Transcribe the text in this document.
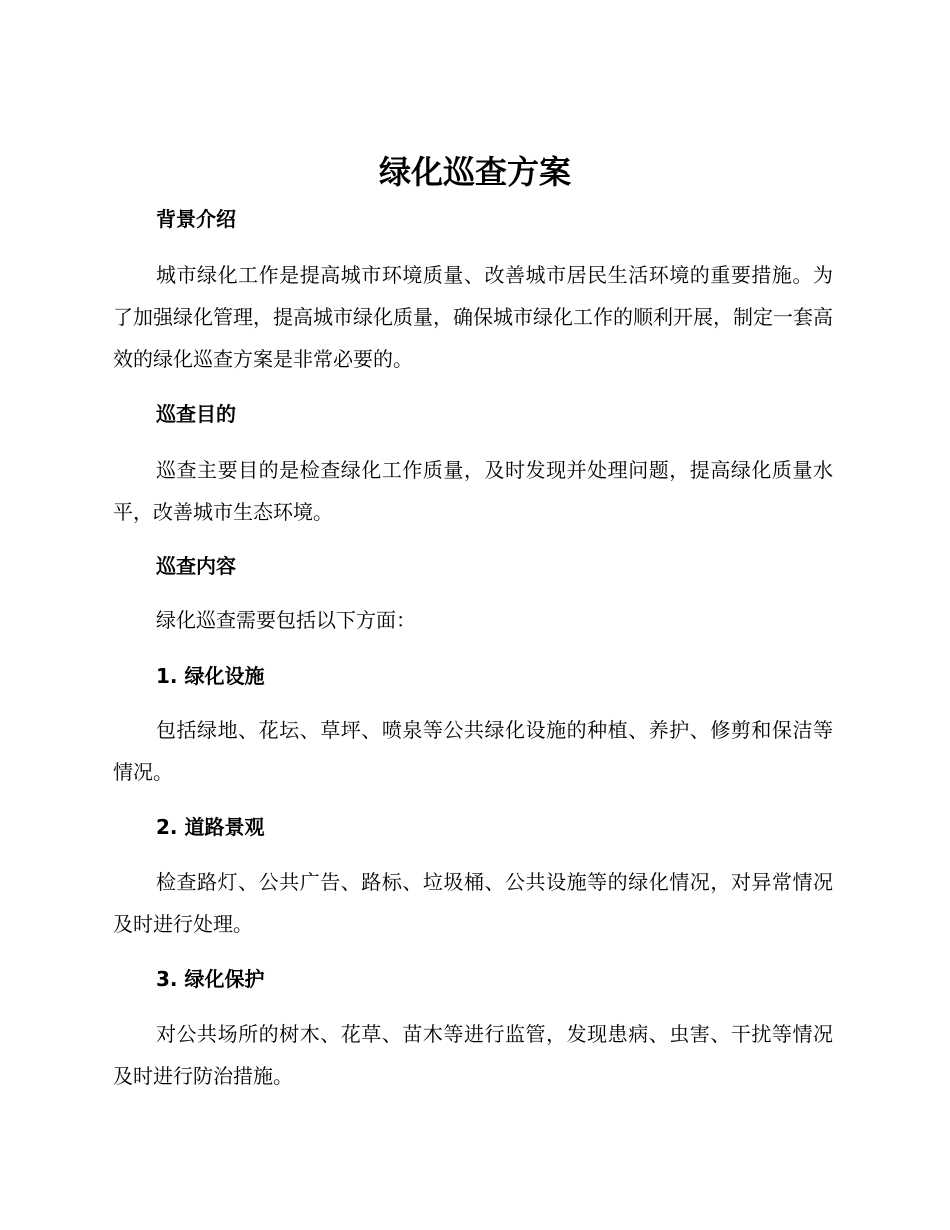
绿化巡查方案
背景介绍

城市绿化工作是提高城市环境质量、改善城市居民生活环境的重要措施。为了加强绿化管理，提高城市绿化质量，确保城市绿化工作的顺利开展，制定一套高效的绿化巡查方案是非常必要的。

巡查目的

巡查主要目的是检查绿化工作质量，及时发现并处理问题，提高绿化质量水平，改善城市生态环境。

巡查内容

绿化巡查需要包括以下方面：

1. 绿化设施

包括绿地、花坛、草坪、喷泉等公共绿化设施的种植、养护、修剪和保洁等情况。

2. 道路景观

检查路灯、公共广告、路标、垃圾桶、公共设施等的绿化情况，对异常情况及时进行处理。

3. 绿化保护

对公共场所的树木、花草、苗木等进行监管，发现患病、虫害、干扰等情况及时进行防治措施。
